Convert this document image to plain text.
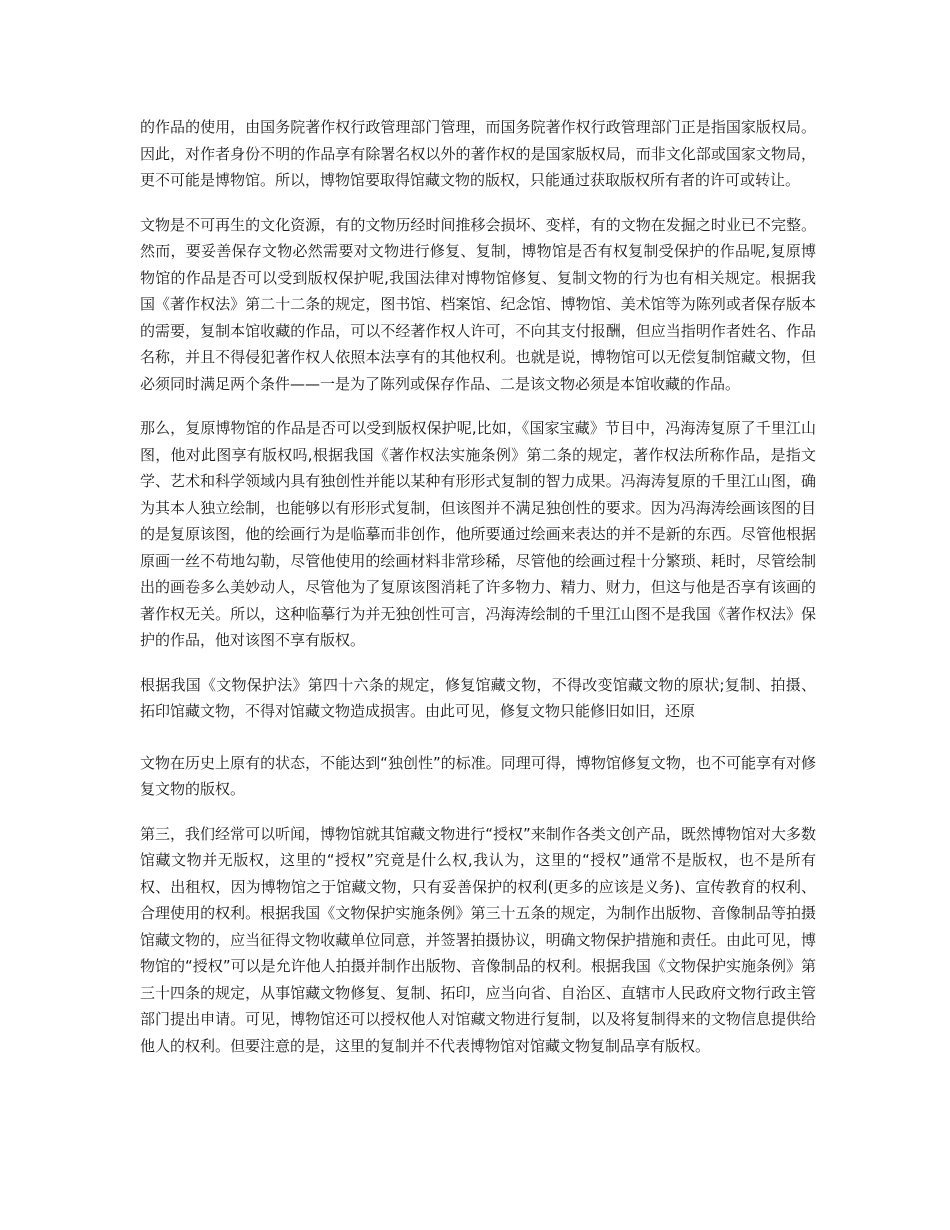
的作品的使用，由国务院著作权行政管理部门管理，而国务院著作权行政管理部门正是指国家版权局。因此，对作者身份不明的作品享有除署名权以外的著作权的是国家版权局，而非文化部或国家文物局，更不可能是博物馆。所以，博物馆要取得馆藏文物的版权，只能通过获取版权所有者的许可或转让。

文物是不可再生的文化资源，有的文物历经时间推移会损坏、变样，有的文物在发掘之时业已不完整。然而，要妥善保存文物必然需要对文物进行修复、复制，博物馆是否有权复制受保护的作品呢,复原博物馆的作品是否可以受到版权保护呢,我国法律对博物馆修复、复制文物的行为也有相关规定。根据我国《著作权法》第二十二条的规定，图书馆、档案馆、纪念馆、博物馆、美术馆等为陈列或者保存版本的需要，复制本馆收藏的作品，可以不经著作权人许可，不向其支付报酬，但应当指明作者姓名、作品名称，并且不得侵犯著作权人依照本法享有的其他权利。也就是说，博物馆可以无偿复制馆藏文物，但必须同时满足两个条件——一是为了陈列或保存作品、二是该文物必须是本馆收藏的作品。

那么，复原博物馆的作品是否可以受到版权保护呢,比如，《国家宝藏》节目中，冯海涛复原了千里江山图，他对此图享有版权吗,根据我国《著作权法实施条例》第二条的规定，著作权法所称作品，是指文学、艺术和科学领域内具有独创性并能以某种有形形式复制的智力成果。冯海涛复原的千里江山图，确为其本人独立绘制，也能够以有形形式复制，但该图并不满足独创性的要求。因为冯海涛绘画该图的目的是复原该图，他的绘画行为是临摹而非创作，他所要通过绘画来表达的并不是新的东西。尽管他根据原画一丝不苟地勾勒，尽管他使用的绘画材料非常珍稀，尽管他的绘画过程十分繁琐、耗时，尽管绘制出的画卷多么美妙动人，尽管他为了复原该图消耗了许多物力、精力、财力，但这与他是否享有该画的著作权无关。所以，这种临摹行为并无独创性可言，冯海涛绘制的千里江山图不是我国《著作权法》保护的作品，他对该图不享有版权。

根据我国《文物保护法》第四十六条的规定，修复馆藏文物，不得改变馆藏文物的原状;复制、拍摄、拓印馆藏文物，不得对馆藏文物造成损害。由此可见，修复文物只能修旧如旧，还原

文物在历史上原有的状态，不能达到“独创性”的标准。同理可得，博物馆修复文物，也不可能享有对修复文物的版权。

第三，我们经常可以听闻，博物馆就其馆藏文物进行“授权”来制作各类文创产品，既然博物馆对大多数馆藏文物并无版权，这里的“授权”究竟是什么权,我认为，这里的“授权”通常不是版权，也不是所有权、出租权，因为博物馆之于馆藏文物，只有妥善保护的权利(更多的应该是义务)、宣传教育的权利、合理使用的权利。根据我国《文物保护实施条例》第三十五条的规定，为制作出版物、音像制品等拍摄馆藏文物的，应当征得文物收藏单位同意，并签署拍摄协议，明确文物保护措施和责任。由此可见，博物馆的“授权”可以是允许他人拍摄并制作出版物、音像制品的权利。根据我国《文物保护实施条例》第三十四条的规定，从事馆藏文物修复、复制、拓印，应当向省、自治区、直辖市人民政府文物行政主管部门提出申请。可见，博物馆还可以授权他人对馆藏文物进行复制，以及将复制得来的文物信息提供给他人的权利。但要注意的是，这里的复制并不代表博物馆对馆藏文物复制品享有版权。
